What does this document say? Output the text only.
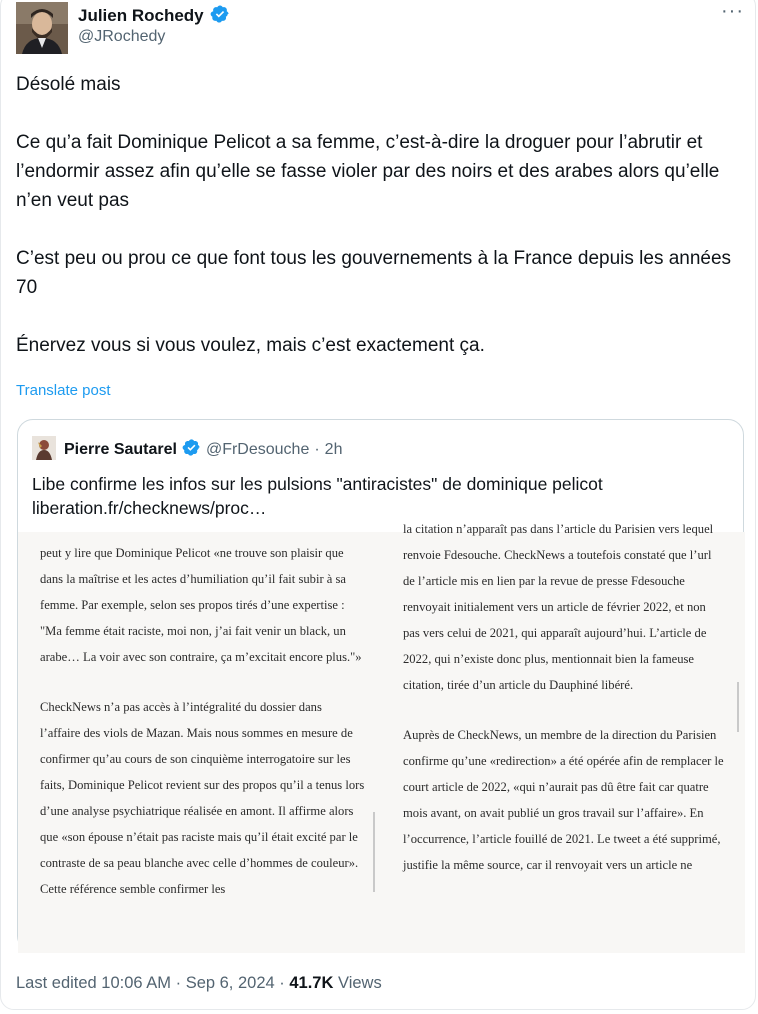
Julien Rochedy
@JRochedy
···

Désolé mais

Ce qu’a fait Dominique Pelicot a sa femme, c’est-à-dire la droguer pour l’abrutir et l’endormir assez afin qu’elle se fasse violer par des noirs et des arabes alors qu’elle n’en veut pas

C’est peu ou prou ce que font tous les gouvernements à la France depuis les années 70

Énervez vous si vous voulez, mais c’est exactement ça.

Translate post
Pierre Sautarel @FrDesouche · 2h
Libe confirme les infos sur les pulsions "antiracistes" de dominique pelicot
liberation.fr/checknews/proc…

peut y lire que Dominique Pelicot «ne trouve son plaisir que dans la maîtrise et les actes d’humiliation qu’il fait subir à sa femme. Par exemple, selon ses propos tirés d’une expertise : "Ma femme était raciste, moi non, j’ai fait venir un black, un arabe… La voir avec son contraire, ça m’excitait encore plus."»

CheckNews n’a pas accès à l’intégralité du dossier dans l’affaire des viols de Mazan. Mais nous sommes en mesure de confirmer qu’au cours de son cinquième interrogatoire sur les faits, Dominique Pelicot revient sur des propos qu’il a tenus lors d’une analyse psychiatrique réalisée en amont. Il affirme alors que «son épouse n’était pas raciste mais qu’il était excité par le contraste de sa peau blanche avec celle d’hommes de couleur». Cette référence semble confirmer les

la citation n’apparaît pas dans l’article du Parisien vers lequel renvoie Fdesouche. CheckNews a toutefois constaté que l’url de l’article mis en lien par la revue de presse Fdesouche renvoyait initialement vers un article de février 2022, et non pas vers celui de 2021, qui apparaît aujourd’hui. L’article de 2022, qui n’existe donc plus, mentionnait bien la fameuse citation, tirée d’un article du Dauphiné libéré.

Auprès de CheckNews, un membre de la direction du Parisien confirme qu’une «redirection» a été opérée afin de remplacer le court article de 2022, «qui n’aurait pas dû être fait car quatre mois avant, on avait publié un gros travail sur l’affaire». En l’occurrence, l’article fouillé de 2021. Le tweet a été supprimé, justifie la même source, car il renvoyait vers un article ne

Last edited 10:06 AM · Sep 6, 2024 · 41.7K Views
